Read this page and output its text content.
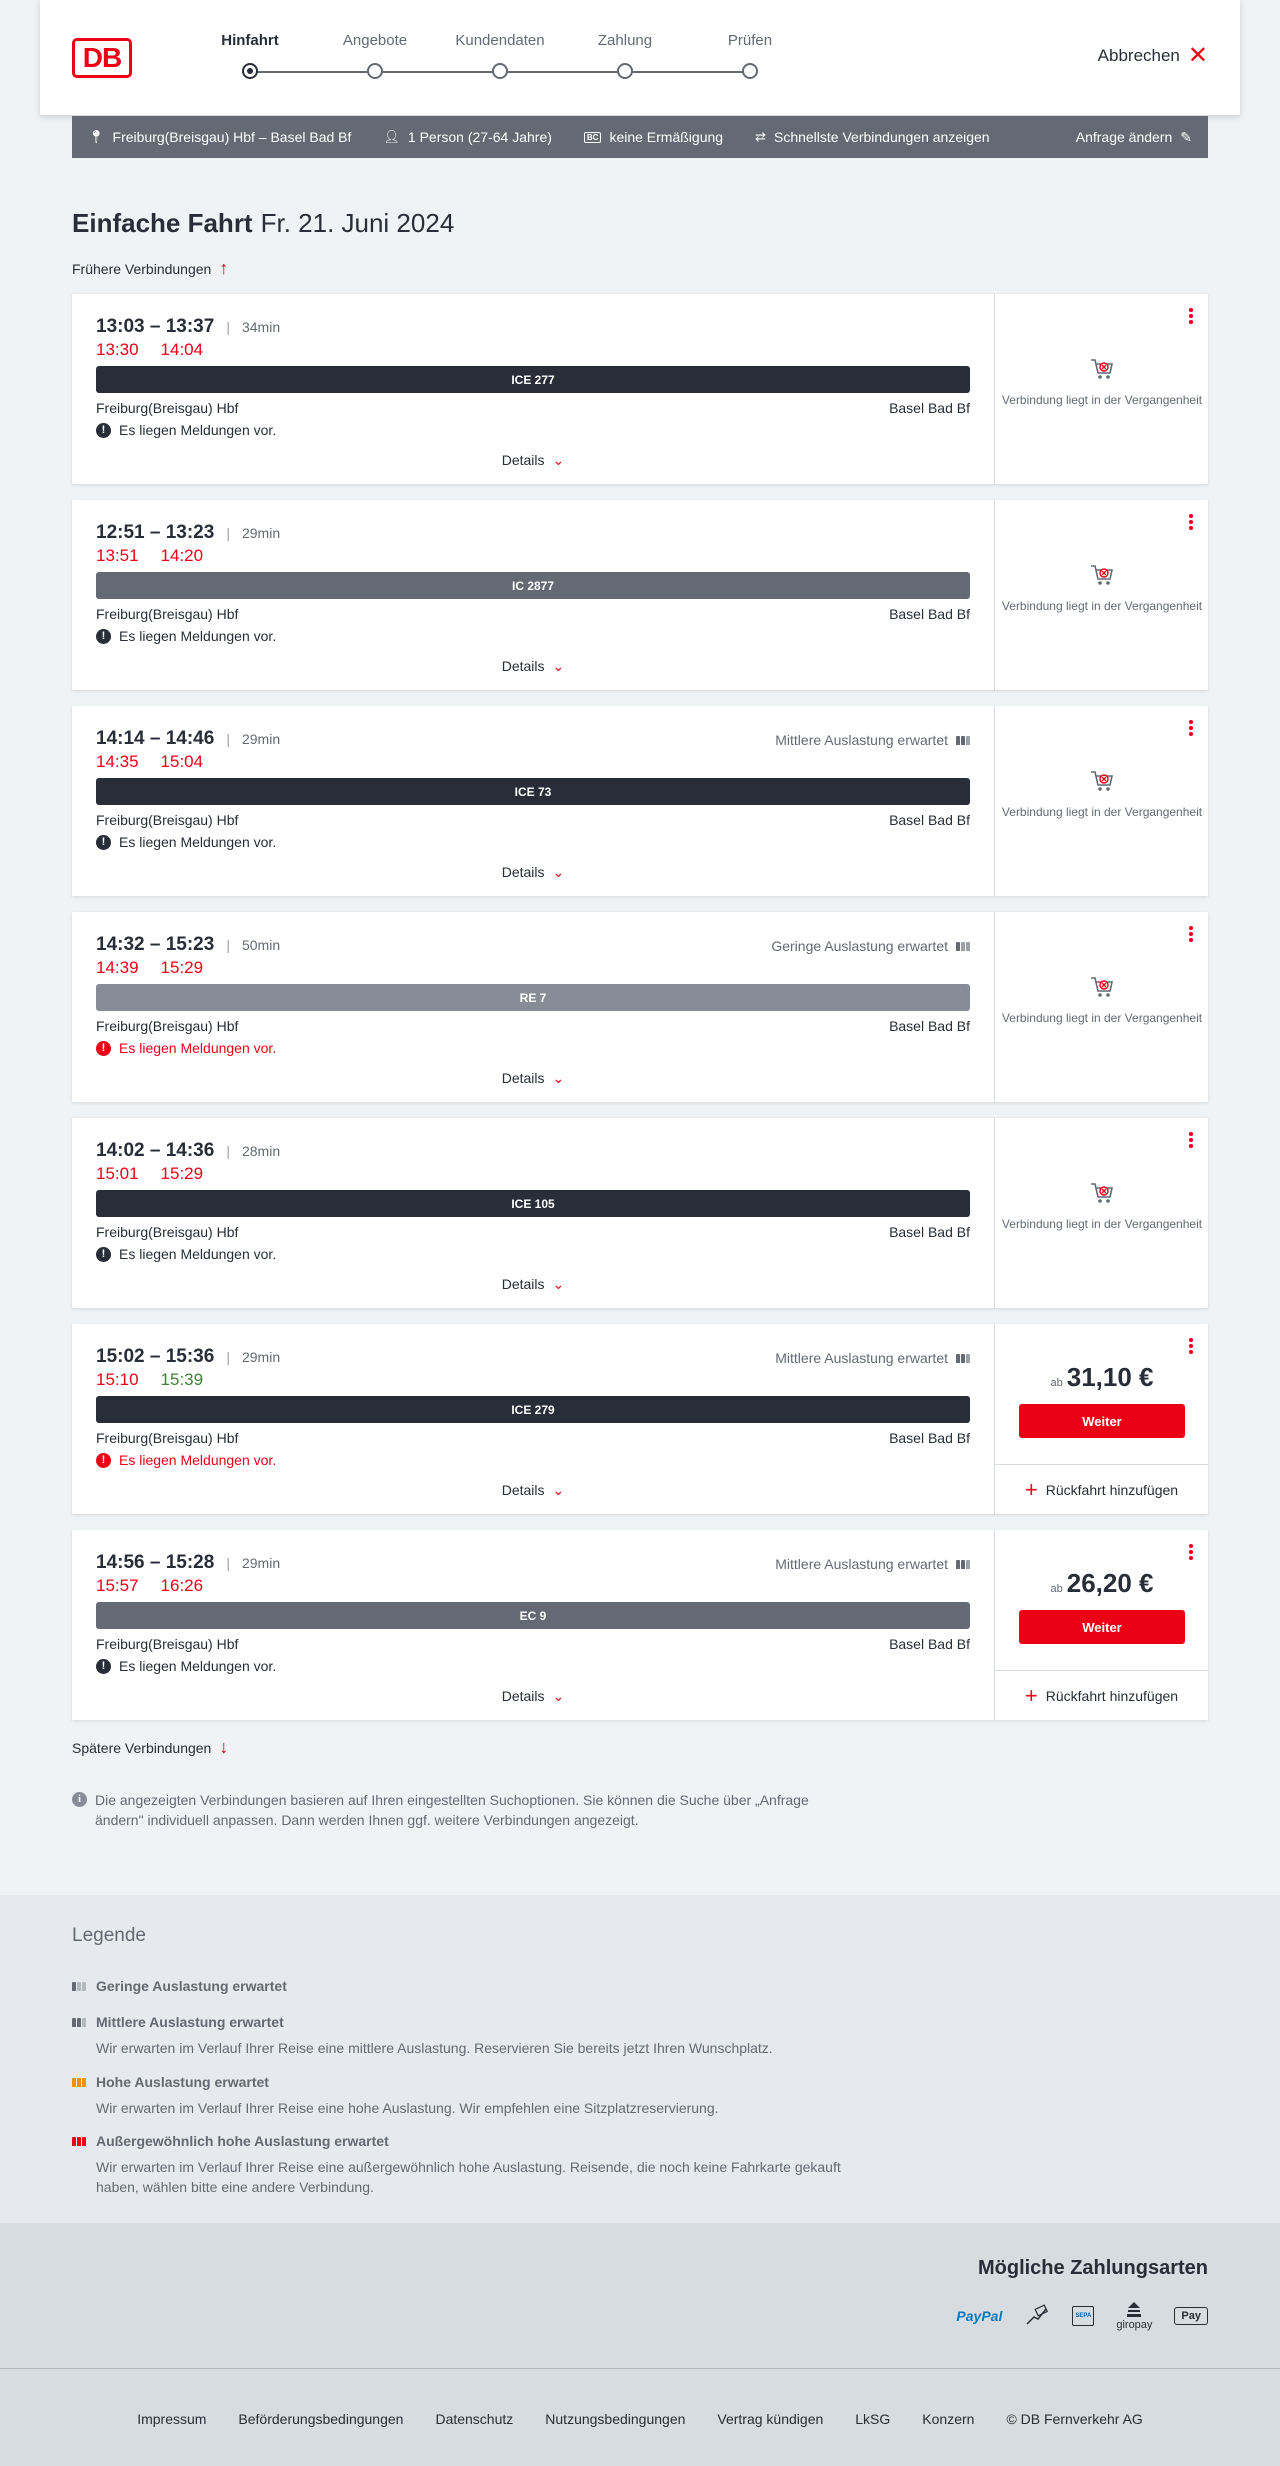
DB
Hinfahrt	Angebote	Kundendaten	Zahlung	Prüfen
Abbrechen ✕
📍︎ Freiburg(Breisgau) Hbf – Basel Bad Bf 👤︎ 1 Person (27-64 Jahre)	BC keine Ermäßigung ⇄ Schnellste Verbindungen anzeigen	Anfrage ändern ✎
Einfache Fahrt Fr. 21. Juni 2024
Frühere Verbindungen ↑
13:03 – 13:37 | 34min
13:30 14:04
ICE 277
Freiburg(Breisgau) Hbf	Basel Bad Bf
! Es liegen Meldungen vor.
Details ⌄
Verbindung liegt in der Vergangenheit
12:51 – 13:23 | 29min
13:51 14:20
IC 2877
Freiburg(Breisgau) Hbf	Basel Bad Bf
! Es liegen Meldungen vor.
Details ⌄
Verbindung liegt in der Vergangenheit
14:14 – 14:46 | 29min
14:35 15:04
Mittlere Auslastung erwartet
ICE 73
Freiburg(Breisgau) Hbf	Basel Bad Bf
! Es liegen Meldungen vor.
Details ⌄
Verbindung liegt in der Vergangenheit
14:32 – 15:23 | 50min
14:39 15:29
Geringe Auslastung erwartet
RE 7
Freiburg(Breisgau) Hbf	Basel Bad Bf
! Es liegen Meldungen vor.
Details ⌄
Verbindung liegt in der Vergangenheit
14:02 – 14:36 | 28min
15:01 15:29
ICE 105
Freiburg(Breisgau) Hbf	Basel Bad Bf
! Es liegen Meldungen vor.
Details ⌄
Verbindung liegt in der Vergangenheit
15:02 – 15:36 | 29min
15:10 15:39
Mittlere Auslastung erwartet
ICE 279
Freiburg(Breisgau) Hbf	Basel Bad Bf
! Es liegen Meldungen vor.
Details ⌄
ab 31,10 €
Weiter
+ Rückfahrt hinzufügen
14:56 – 15:28 | 29min
15:57 16:26
Mittlere Auslastung erwartet
EC 9
Freiburg(Breisgau) Hbf	Basel Bad Bf
! Es liegen Meldungen vor.
Details ⌄
ab 26,20 €
Weiter
+ Rückfahrt hinzufügen
Spätere Verbindungen ↓
i	Die angezeigten Verbindungen basieren auf Ihren eingestellten Suchoptionen. Sie können die Suche über „Anfrage ändern" individuell anpassen. Dann werden Ihnen ggf. weitere Verbindungen angezeigt.
Legende
Geringe Auslastung erwartet
Mittlere Auslastung erwartet
Wir erwarten im Verlauf Ihrer Reise eine mittlere Auslastung. Reservieren Sie bereits jetzt Ihren Wunschplatz.
Hohe Auslastung erwartet
Wir erwarten im Verlauf Ihrer Reise eine hohe Auslastung. Wir empfehlen eine Sitzplatzreservierung.
Außergewöhnlich hohe Auslastung erwartet
Wir erwarten im Verlauf Ihrer Reise eine außergewöhnlich hohe Auslastung. Reisende, die noch keine Fahrkarte gekauft haben, wählen bitte eine andere Verbindung.
Mögliche Zahlungsarten
PayPal	SEPA
giropay
Pay
Impressum Beförderungsbedingungen Datenschutz Nutzungsbedingungen Vertrag kündigen LkSG Konzern © DB Fernverkehr AG
